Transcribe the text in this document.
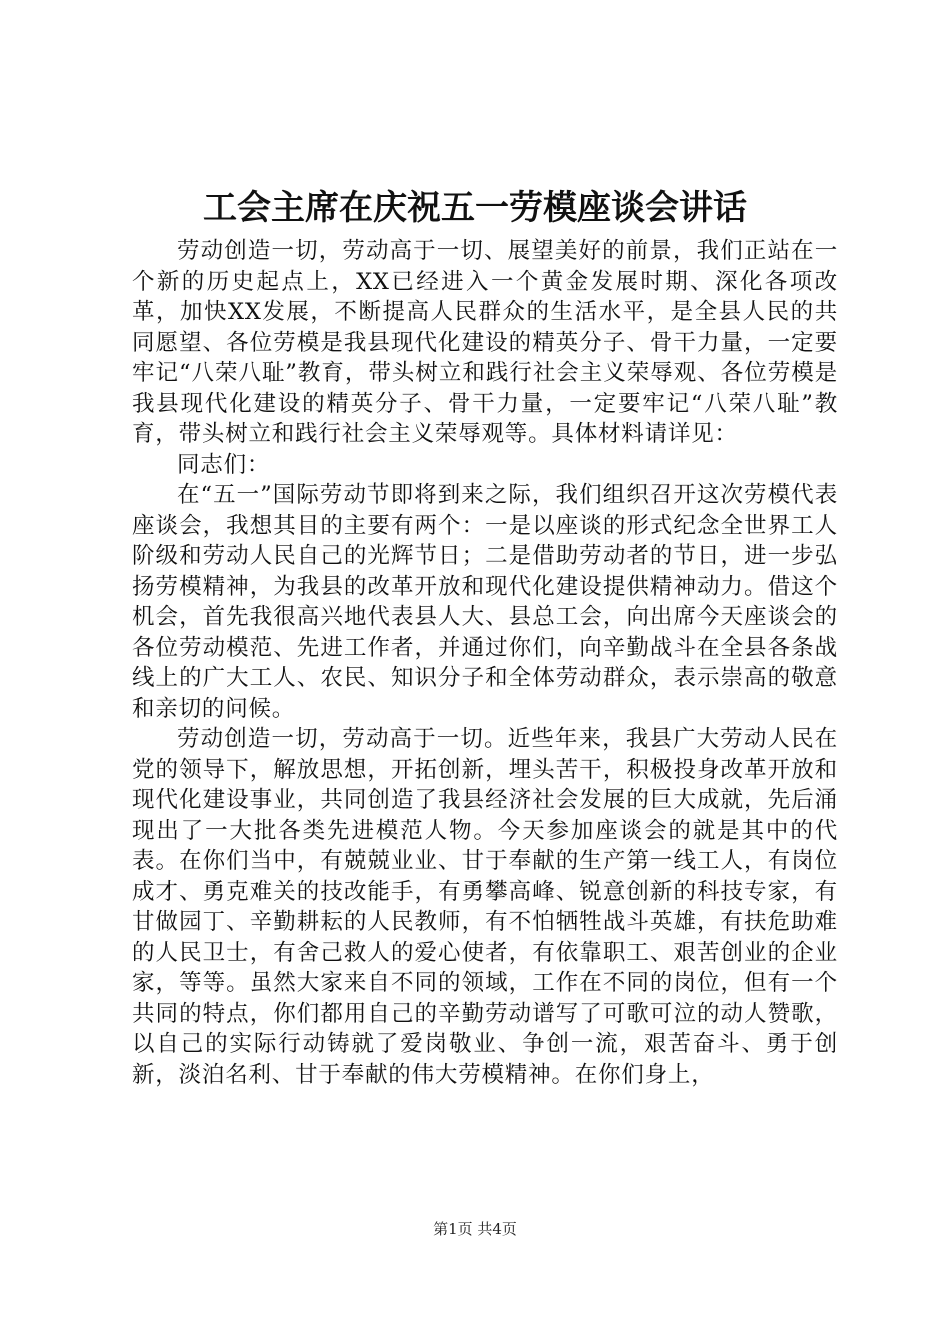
工会主席在庆祝五一劳模座谈会讲话

劳动创造一切，劳动高于一切、展望美好的前景，我们正站在一个新的历史起点上，XX已经进入一个黄金发展时期、深化各项改革，加快XX发展，不断提高人民群众的生活水平，是全县人民的共同愿望、各位劳模是我县现代化建设的精英分子、骨干力量，一定要牢记“八荣八耻”教育，带头树立和践行社会主义荣辱观、各位劳模是我县现代化建设的精英分子、骨干力量，一定要牢记“八荣八耻”教育，带头树立和践行社会主义荣辱观等。具体材料请详见：

同志们：

在“五一”国际劳动节即将到来之际，我们组织召开这次劳模代表座谈会，我想其目的主要有两个：一是以座谈的形式纪念全世界工人阶级和劳动人民自己的光辉节日；二是借助劳动者的节日，进一步弘扬劳模精神，为我县的改革开放和现代化建设提供精神动力。借这个机会，首先我很高兴地代表县人大、县总工会，向出席今天座谈会的各位劳动模范、先进工作者，并通过你们，向辛勤战斗在全县各条战线上的广大工人、农民、知识分子和全体劳动群众，表示崇高的敬意和亲切的问候。

劳动创造一切，劳动高于一切。近些年来，我县广大劳动人民在党的领导下，解放思想，开拓创新，埋头苦干，积极投身改革开放和现代化建设事业，共同创造了我县经济社会发展的巨大成就，先后涌现出了一大批各类先进模范人物。今天参加座谈会的就是其中的代表。在你们当中，有兢兢业业、甘于奉献的生产第一线工人，有岗位成才、勇克难关的技改能手，有勇攀高峰、锐意创新的科技专家，有甘做园丁、辛勤耕耘的人民教师，有不怕牺牲战斗英雄，有扶危助难的人民卫士，有舍己救人的爱心使者，有依靠职工、艰苦创业的企业家，等等。虽然大家来自不同的领域，工作在不同的岗位，但有一个共同的特点，你们都用自己的辛勤劳动谱写了可歌可泣的动人赞歌，以自己的实际行动铸就了爱岗敬业、争创一流，艰苦奋斗、勇于创新，淡泊名利、甘于奉献的伟大劳模精神。在你们身上，

第1页 共4页
